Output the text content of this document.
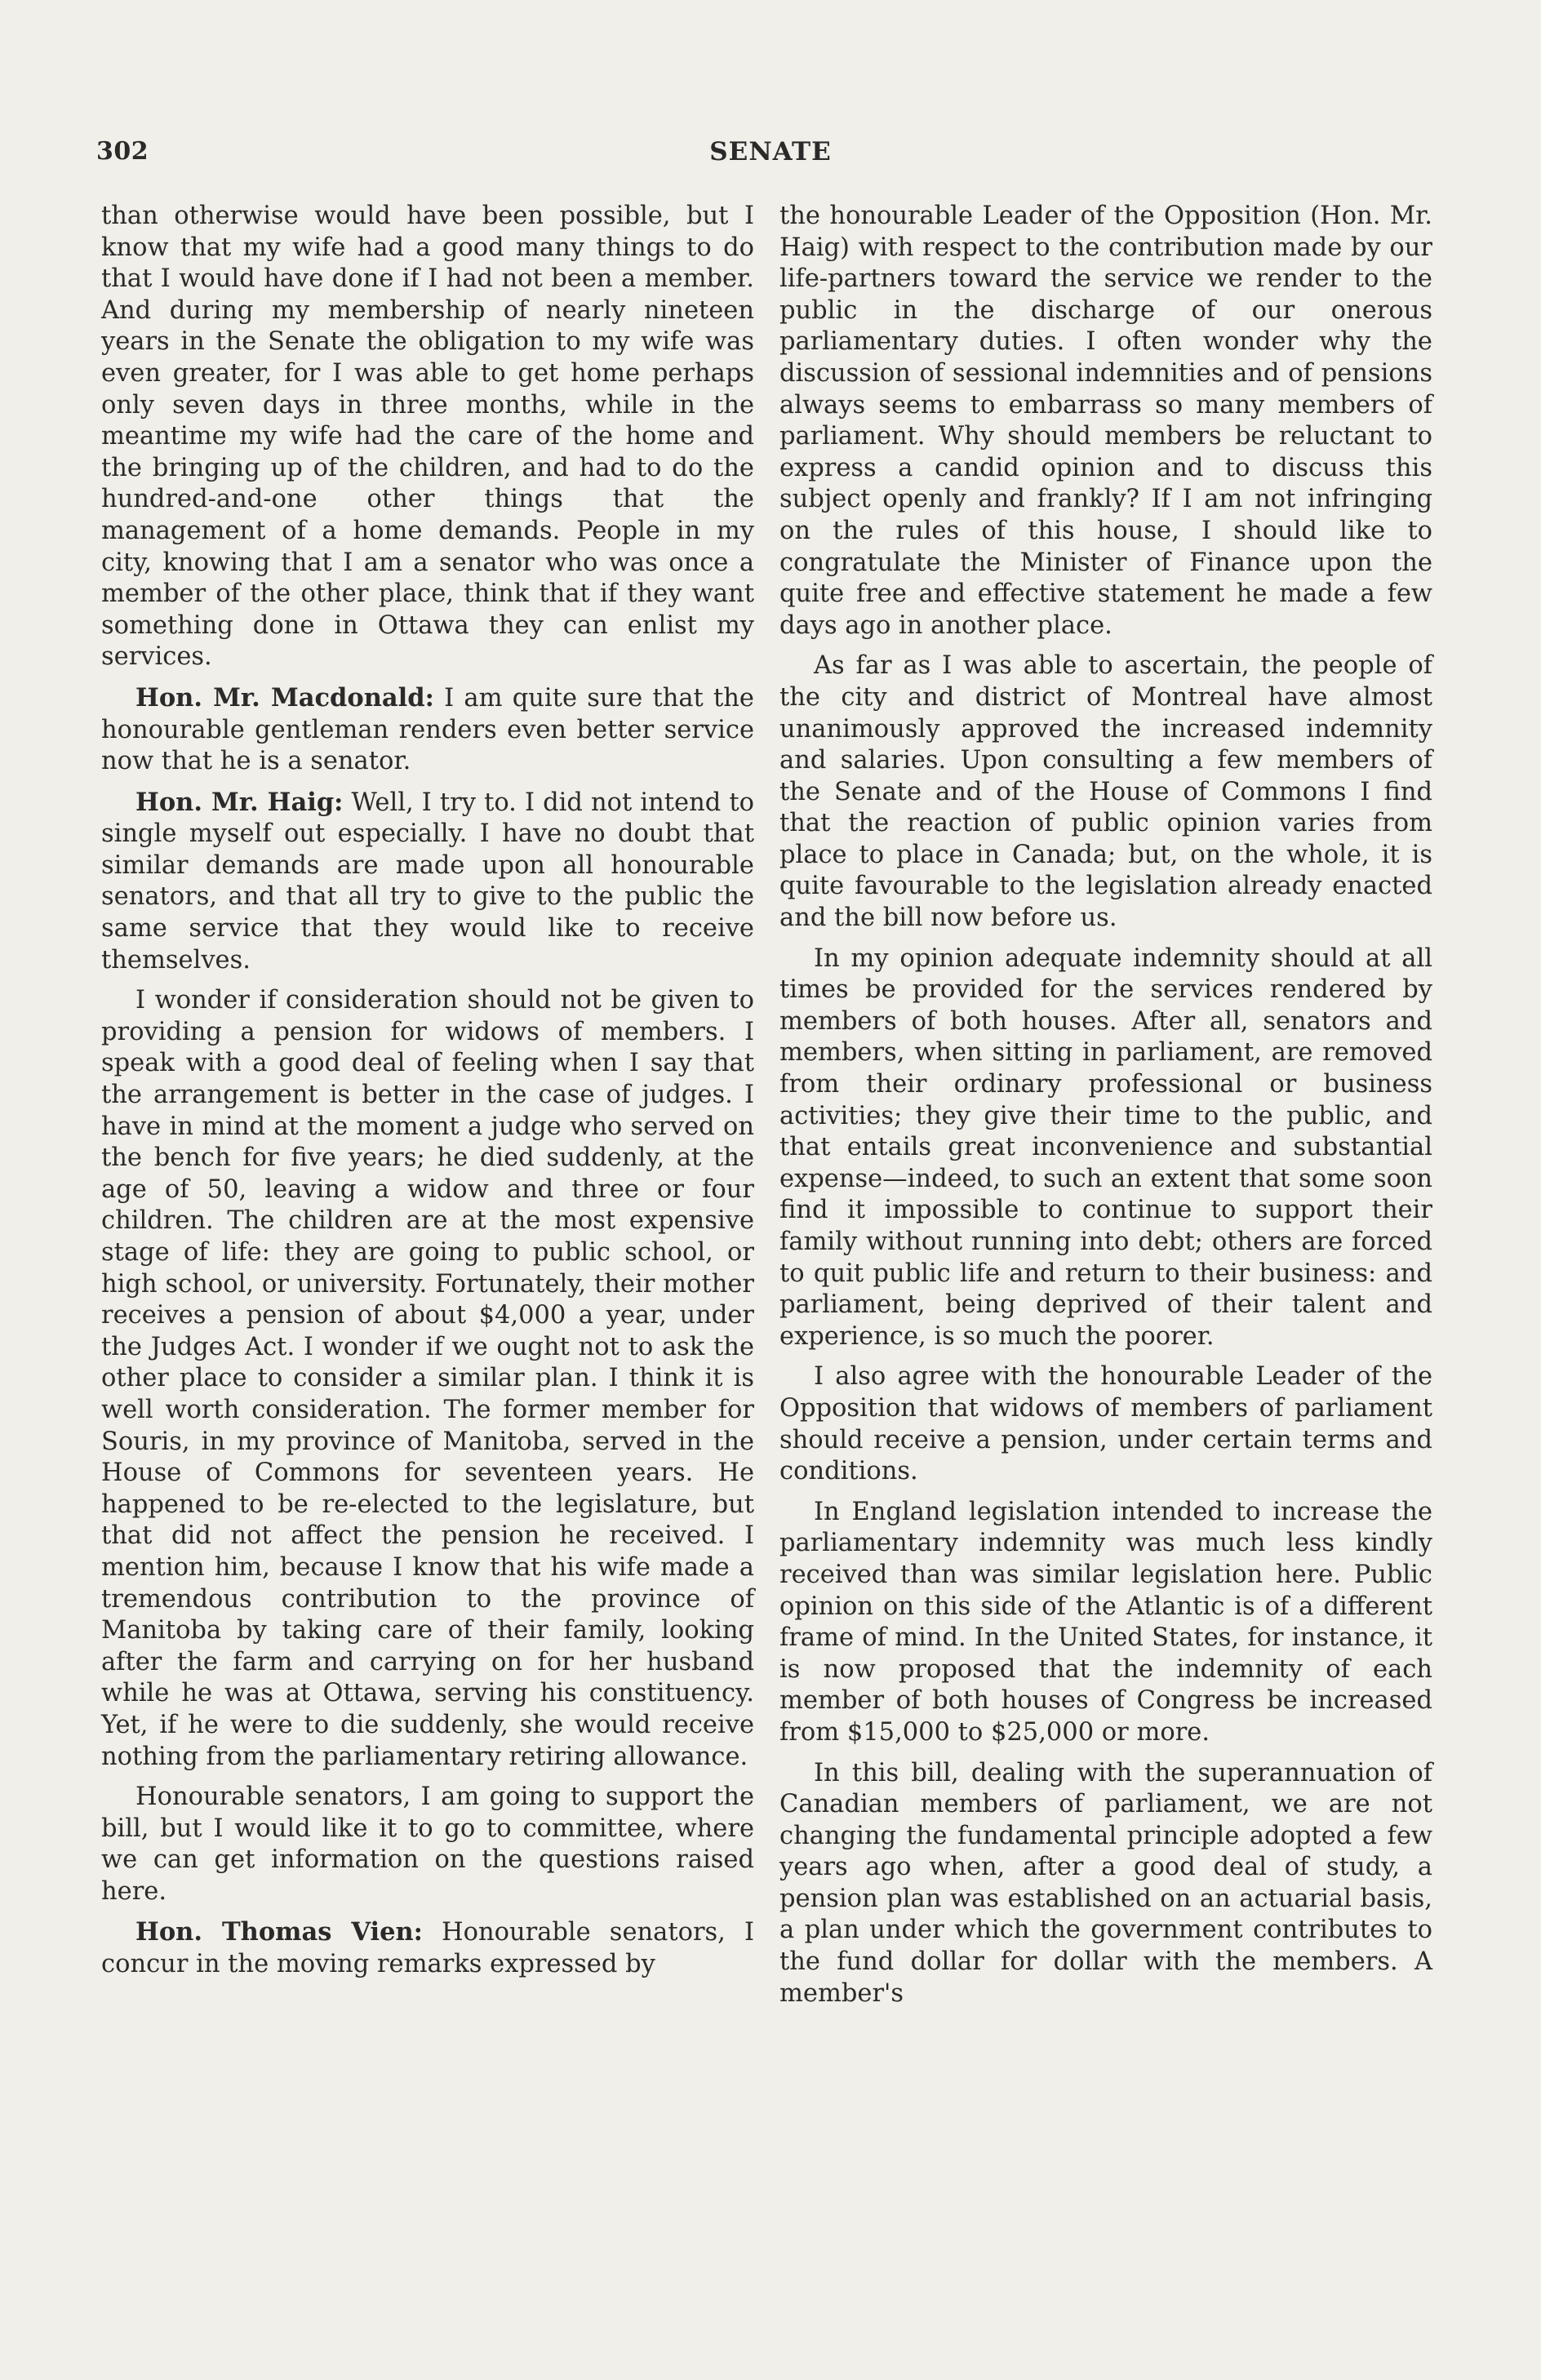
302	SENATE

than otherwise would have been possible, but I know that my wife had a good many things to do that I would have done if I had not been a member. And during my membership of nearly nineteen years in the Senate the obligation to my wife was even greater, for I was able to get home perhaps only seven days in three months, while in the meantime my wife had the care of the home and the bringing up of the children, and had to do the hundred-and-one other things that the management of a home demands. People in my city, knowing that I am a senator who was once a member of the other place, think that if they want something done in Ottawa they can enlist my services.

Hon. Mr. Macdonald: I am quite sure that the honourable gentleman renders even better service now that he is a senator.

Hon. Mr. Haig: Well, I try to. I did not intend to single myself out especially. I have no doubt that similar demands are made upon all honourable senators, and that all try to give to the public the same service that they would like to receive themselves.

I wonder if consideration should not be given to providing a pension for widows of members. I speak with a good deal of feeling when I say that the arrangement is better in the case of judges. I have in mind at the moment a judge who served on the bench for five years; he died suddenly, at the age of 50, leaving a widow and three or four children. The children are at the most expensive stage of life: they are going to public school, or high school, or university. Fortunately, their mother receives a pension of about $4,000 a year, under the Judges Act. I wonder if we ought not to ask the other place to consider a similar plan. I think it is well worth consideration. The former member for Souris, in my province of Manitoba, served in the House of Commons for seventeen years. He happened to be re-elected to the legislature, but that did not affect the pension he received. I mention him, because I know that his wife made a tremendous contribution to the province of Manitoba by taking care of their family, looking after the farm and carrying on for her husband while he was at Ottawa, serving his constituency. Yet, if he were to die suddenly, she would receive nothing from the parliamentary retiring allowance.

Honourable senators, I am going to support the bill, but I would like it to go to committee, where we can get information on the questions raised here.

Hon. Thomas Vien: Honourable senators, I concur in the moving remarks expressed by

the honourable Leader of the Opposition (Hon. Mr. Haig) with respect to the contribution made by our life-partners toward the service we render to the public in the discharge of our onerous parliamentary duties. I often wonder why the discussion of sessional indemnities and of pensions always seems to embarrass so many members of parliament. Why should members be reluctant to express a candid opinion and to discuss this subject openly and frankly? If I am not infringing on the rules of this house, I should like to congratulate the Minister of Finance upon the quite free and effective statement he made a few days ago in another place.

As far as I was able to ascertain, the people of the city and district of Montreal have almost unanimously approved the increased indemnity and salaries. Upon consulting a few members of the Senate and of the House of Commons I find that the reaction of public opinion varies from place to place in Canada; but, on the whole, it is quite favourable to the legislation already enacted and the bill now before us.

In my opinion adequate indemnity should at all times be provided for the services rendered by members of both houses. After all, senators and members, when sitting in parliament, are removed from their ordinary professional or business activities; they give their time to the public, and that entails great inconvenience and substantial expense—indeed, to such an extent that some soon find it impossible to continue to support their family without running into debt; others are forced to quit public life and return to their business: and parliament, being deprived of their talent and experience, is so much the poorer.

I also agree with the honourable Leader of the Opposition that widows of members of parliament should receive a pension, under certain terms and conditions.

In England legislation intended to increase the parliamentary indemnity was much less kindly received than was similar legislation here. Public opinion on this side of the Atlantic is of a different frame of mind. In the United States, for instance, it is now proposed that the indemnity of each member of both houses of Congress be increased from $15,000 to $25,000 or more.

In this bill, dealing with the superannuation of Canadian members of parliament, we are not changing the fundamental principle adopted a few years ago when, after a good deal of study, a pension plan was established on an actuarial basis, a plan under which the government contributes to the fund dollar for dollar with the members. A member's
